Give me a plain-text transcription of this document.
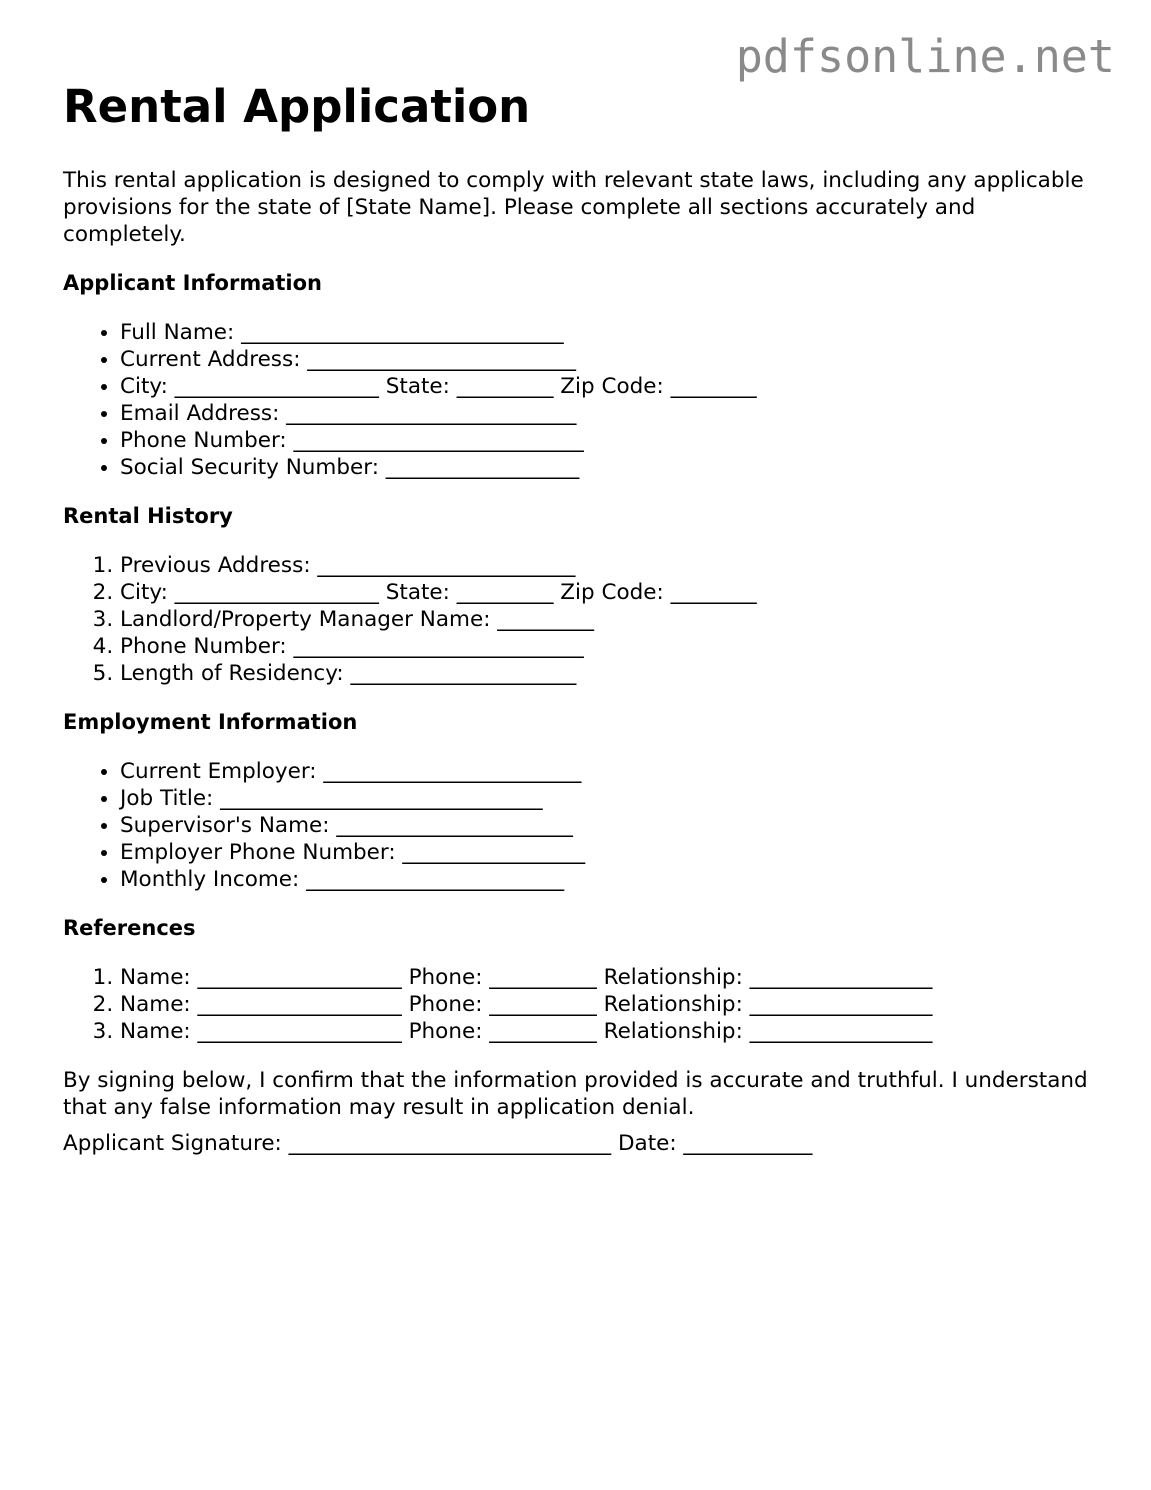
pdfsonline.net
Rental Application

This rental application is designed to comply with relevant state laws, including any applicable provisions for the state of [State Name]. Please complete all sections accurately and completely.

Applicant Information
• Full Name: ______________________________
• Current Address: _________________________
• City: ___________________ State: _________ Zip Code: ________
• Email Address: ___________________________
• Phone Number: ___________________________
• Social Security Number: __________________
Rental History
1. Previous Address: ________________________
2. City: ___________________ State: _________ Zip Code: ________
3. Landlord/Property Manager Name: _________
4. Phone Number: ___________________________
5. Length of Residency: _____________________
Employment Information
• Current Employer: ________________________
• Job Title: ______________________________
• Supervisor's Name: ______________________
• Employer Phone Number: _________________
• Monthly Income: ________________________
References
1. Name: ___________________ Phone: __________ Relationship: _________________
2. Name: ___________________ Phone: __________ Relationship: _________________
3. Name: ___________________ Phone: __________ Relationship: _________________

By signing below, I confirm that the information provided is accurate and truthful. I understand that any false information may result in application denial.

Applicant Signature: ______________________________ Date: ____________
